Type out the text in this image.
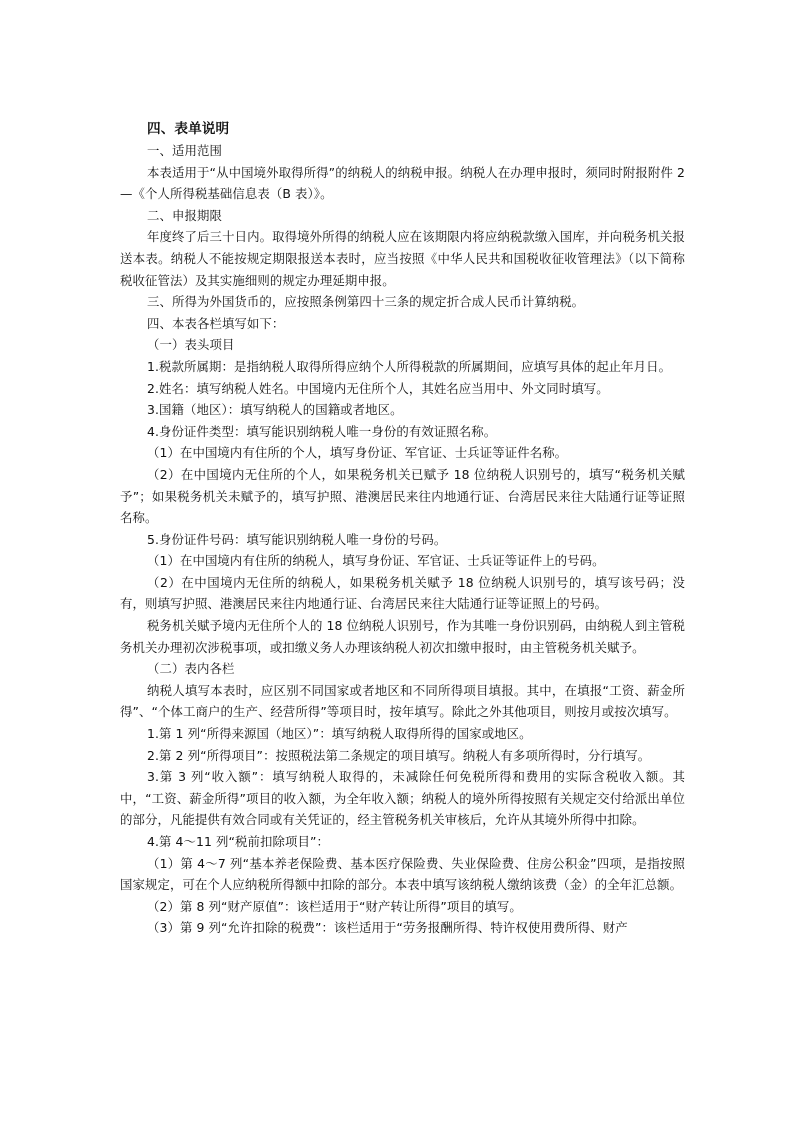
四、表单说明

一、适用范围

本表适用于“从中国境外取得所得”的纳税人的纳税申报。纳税人在办理申报时，须同时附报附件 2—《个人所得税基础信息表（B 表）》。

二、申报期限

年度终了后三十日内。取得境外所得的纳税人应在该期限内将应纳税款缴入国库，并向税务机关报送本表。纳税人不能按规定期限报送本表时，应当按照《中华人民共和国税收征收管理法》（以下简称税收征管法）及其实施细则的规定办理延期申报。

三、所得为外国货币的，应按照条例第四十三条的规定折合成人民币计算纳税。

四、本表各栏填写如下：

（一）表头项目

1.税款所属期：是指纳税人取得所得应纳个人所得税款的所属期间，应填写具体的起止年月日。

2.姓名：填写纳税人姓名。中国境内无住所个人，其姓名应当用中、外文同时填写。

3.国籍（地区）：填写纳税人的国籍或者地区。

4.身份证件类型：填写能识别纳税人唯一身份的有效证照名称。

（1）在中国境内有住所的个人，填写身份证、军官证、士兵证等证件名称。

（2）在中国境内无住所的个人，如果税务机关已赋予 18 位纳税人识别号的，填写“税务机关赋予”；如果税务机关未赋予的，填写护照、港澳居民来往内地通行证、台湾居民来往大陆通行证等证照名称。

5.身份证件号码：填写能识别纳税人唯一身份的号码。

（1）在中国境内有住所的纳税人，填写身份证、军官证、士兵证等证件上的号码。

（2）在中国境内无住所的纳税人，如果税务机关赋予 18 位纳税人识别号的，填写该号码；没有，则填写护照、港澳居民来往内地通行证、台湾居民来往大陆通行证等证照上的号码。

税务机关赋予境内无住所个人的 18 位纳税人识别号，作为其唯一身份识别码，由纳税人到主管税务机关办理初次涉税事项，或扣缴义务人办理该纳税人初次扣缴申报时，由主管税务机关赋予。

（二）表内各栏

纳税人填写本表时，应区别不同国家或者地区和不同所得项目填报。其中，在填报“工资、薪金所得”、“个体工商户的生产、经营所得”等项目时，按年填写。除此之外其他项目，则按月或按次填写。

1.第 1 列“所得来源国（地区）”：填写纳税人取得所得的国家或地区。

2.第 2 列“所得项目”：按照税法第二条规定的项目填写。纳税人有多项所得时，分行填写。

3.第 3 列“收入额”：填写纳税人取得的，未减除任何免税所得和费用的实际含税收入额。其中，“工资、薪金所得”项目的收入额，为全年收入额；纳税人的境外所得按照有关规定交付给派出单位的部分，凡能提供有效合同或有关凭证的，经主管税务机关审核后，允许从其境外所得中扣除。

4.第 4～11 列“税前扣除项目”：

（1）第 4～7 列“基本养老保险费、基本医疗保险费、失业保险费、住房公积金”四项，是指按照国家规定，可在个人应纳税所得额中扣除的部分。本表中填写该纳税人缴纳该费（金）的全年汇总额。

（2）第 8 列“财产原值”：该栏适用于“财产转让所得”项目的填写。

（3）第 9 列“允许扣除的税费”：该栏适用于“劳务报酬所得、特许权使用费所得、财产
